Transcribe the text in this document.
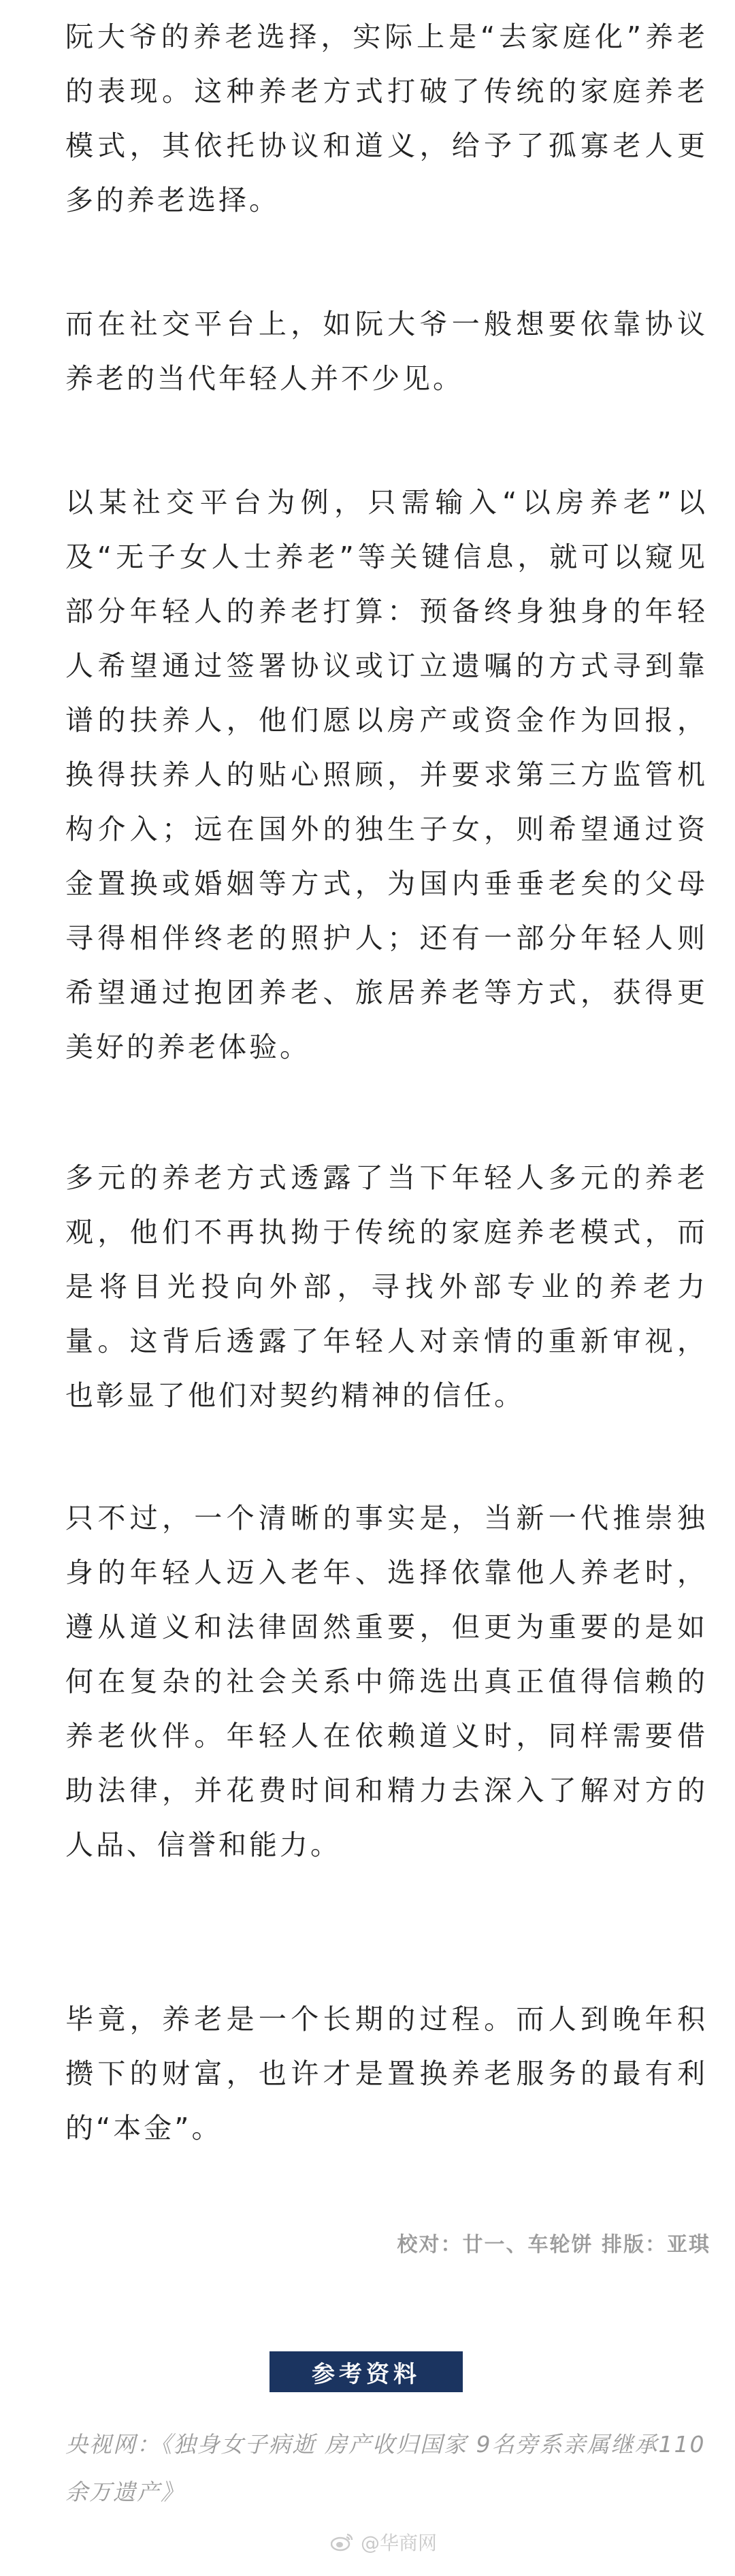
阮大爷的养老选择，实际上是“去家庭化”养老的表现。这种养老方式打破了传统的家庭养老模式，其依托协议和道义，给予了孤寡老人更多的养老选择。

而在社交平台上，如阮大爷一般想要依靠协议养老的当代年轻人并不少见。

以某社交平台为例，只需输入“以房养老”以及“无子女人士养老”等关键信息，就可以窥见部分年轻人的养老打算：预备终身独身的年轻人希望通过签署协议或订立遗嘱的方式寻到靠谱的扶养人，他们愿以房产或资金作为回报，换得扶养人的贴心照顾，并要求第三方监管机构介入；远在国外的独生子女，则希望通过资金置换或婚姻等方式，为国内垂垂老矣的父母寻得相伴终老的照护人；还有一部分年轻人则希望通过抱团养老、旅居养老等方式，获得更美好的养老体验。

多元的养老方式透露了当下年轻人多元的养老观，他们不再执拗于传统的家庭养老模式，而是将目光投向外部，寻找外部专业的养老力量。这背后透露了年轻人对亲情的重新审视，也彰显了他们对契约精神的信任。

只不过，一个清晰的事实是，当新一代推崇独身的年轻人迈入老年、选择依靠他人养老时，遵从道义和法律固然重要，但更为重要的是如何在复杂的社会关系中筛选出真正值得信赖的养老伙伴。年轻人在依赖道义时，同样需要借助法律，并花费时间和精力去深入了解对方的人品、信誉和能力。

毕竟，养老是一个长期的过程。而人到晚年积攒下的财富，也许才是置换养老服务的最有利的“本金”。

校对：廿一、车轮饼 排版：亚琪
参考资料
央视网：《独身女子病逝 房产收归国家 9名旁系亲属继承110余万遗产》
@华商网
